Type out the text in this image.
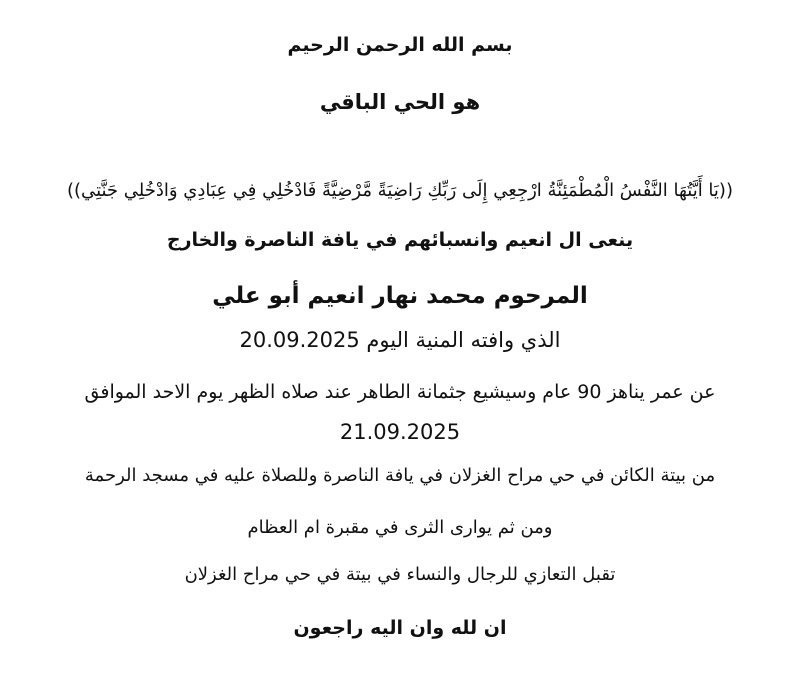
بسم الله الرحمن الرحيم
هو الحي الباقي
((يَا أَيَّتُهَا النَّفْسُ الْمُطْمَئِنَّةُ ارْجِعِي إِلَى رَبِّكِ رَاضِيَةً مَّرْضِيَّةً فَادْخُلِي فِي عِبَادِي وَادْخُلِي جَنَّتِي))
ينعى ال انعيم وانسبائهم في يافة الناصرة والخارج
المرحوم محمد نهار انعيم أبو علي
الذي وافته المنية اليوم 20.09.2025
عن عمر يناهز 90 عام وسيشيع جثمانة الطاهر عند صلاه الظهر يوم الاحد الموافق
21.09.2025
من بيتة الكائن في حي مراح الغزلان في يافة الناصرة وللصلاة عليه في مسجد الرحمة
ومن ثم يوارى الثرى في مقبرة ام العظام
تقبل التعازي للرجال والنساء في بيتة في حي مراح الغزلان
ان لله وان اليه راجعون
